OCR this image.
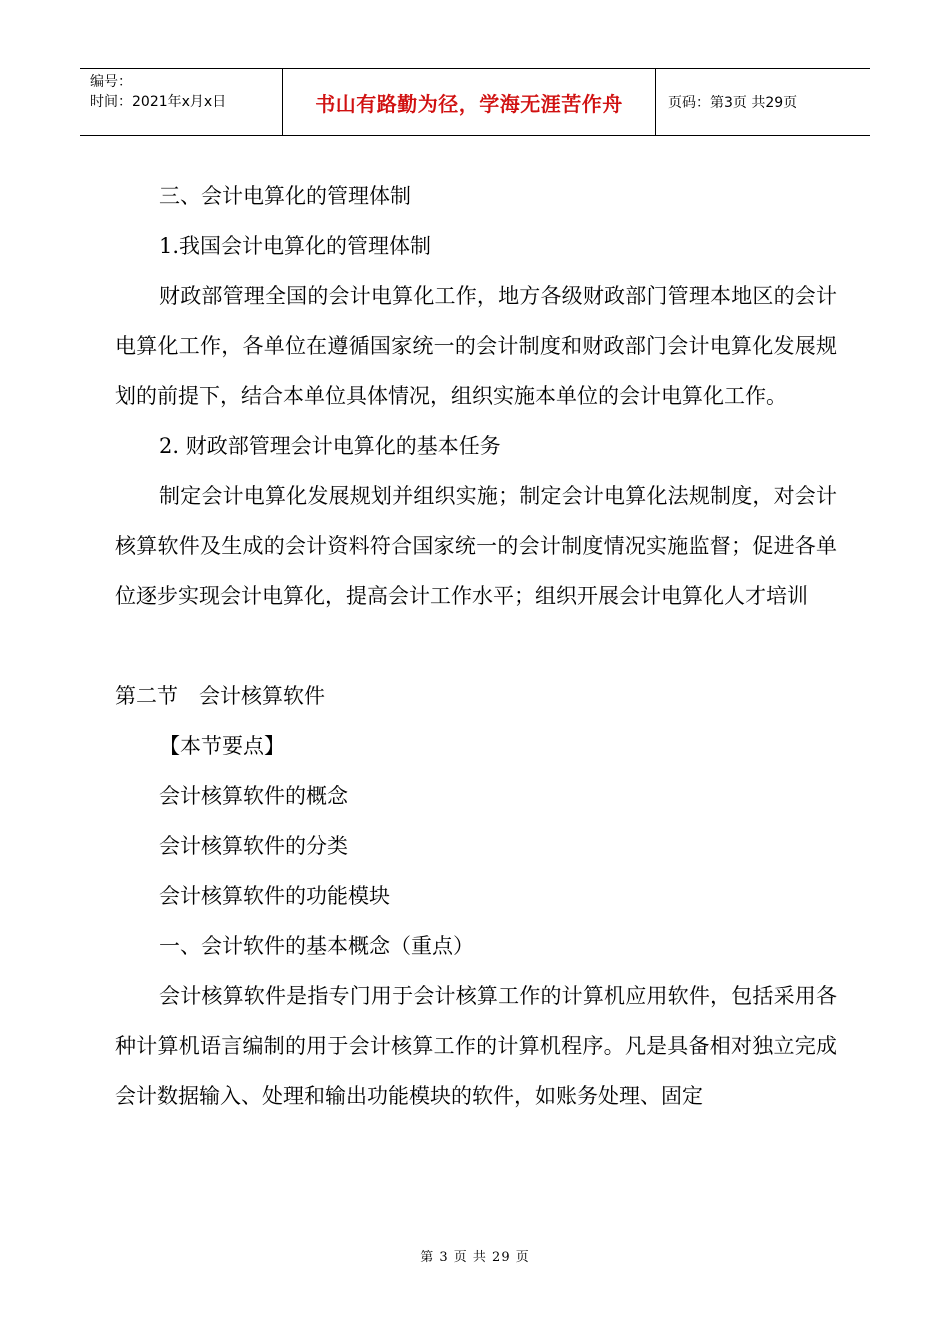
编号：
时间：2021年x月x日	书山有路勤为径，学海无涯苦作舟	页码：第3页 共29页

三、会计电算化的管理体制

1.我国会计电算化的管理体制

财政部管理全国的会计电算化工作，地方各级财政部门管理本地区的会计电算化工作，各单位在遵循国家统一的会计制度和财政部门会计电算化发展规划的前提下，结合本单位具体情况，组织实施本单位的会计电算化工作。

2. 财政部管理会计电算化的基本任务

制定会计电算化发展规划并组织实施；制定会计电算化法规制度，对会计核算软件及生成的会计资料符合国家统一的会计制度情况实施监督；促进各单位逐步实现会计电算化，提高会计工作水平；组织开展会计电算化人才培训

第二节　会计核算软件

【本节要点】

会计核算软件的概念

会计核算软件的分类

会计核算软件的功能模块

一、会计软件的基本概念（重点）

会计核算软件是指专门用于会计核算工作的计算机应用软件，包括采用各种计算机语言编制的用于会计核算工作的计算机程序。凡是具备相对独立完成会计数据输入、处理和输出功能模块的软件，如账务处理、固定

第 3 页 共 29 页
